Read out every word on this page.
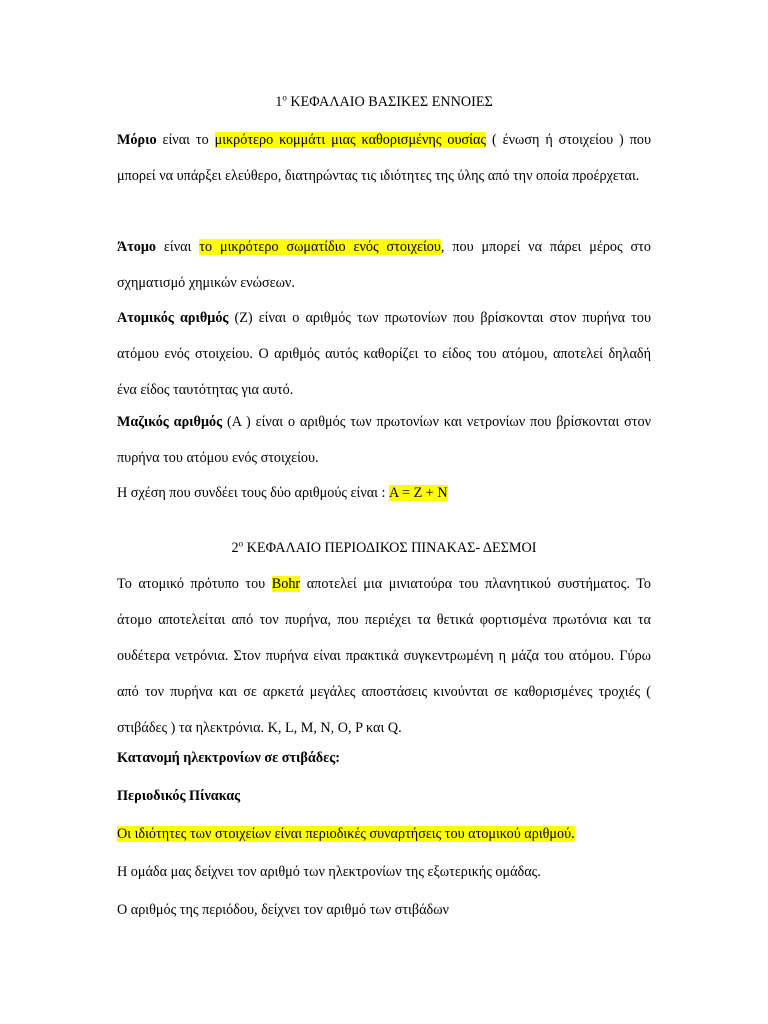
$1^o$ ΚΕΦΑΛΑΙΟ ΒΑΣΙΚΕΣ ΕΝΝΟΙΕΣ

Μόριο είναι το μικρότερο κομμάτι μιας καθορισμένης ουσίας ( ένωση ή στοιχείου ) που μπορεί να υπάρξει ελεύθερο, διατηρώντας τις ιδιότητες της ύλης από την οποία προέρχεται.

Άτομο είναι το μικρότερο σωματίδιο ενός στοιχείου, που μπορεί να πάρει μέρος στο σχηματισμό χημικών ενώσεων.

Ατομικός αριθμός (Ζ) είναι ο αριθμός των πρωτονίων που βρίσκονται στον πυρήνα του ατόμου ενός στοιχείου. Ο αριθμός αυτός καθορίζει το είδος του ατόμου, αποτελεί δηλαδή ένα είδος ταυτότητας για αυτό.

Μαζικός αριθμός (Α ) είναι ο αριθμός των πρωτονίων και νετρονίων που βρίσκονται στον πυρήνα του ατόμου ενός στοιχείου.

Η σχέση που συνδέει τους δύο αριθμούς είναι : A = Z + N

$2^o$ ΚΕΦΑΛΑΙΟ ΠΕΡΙΟΔΙΚΟΣ ΠΙΝΑΚΑΣ- ΔΕΣΜΟΙ

Το ατομικό πρότυπο του Bohr αποτελεί μια μινιατούρα του πλανητικού συστήματος. Το άτομο αποτελείται από τον πυρήνα, που περιέχει τα θετικά φορτισμένα πρωτόνια και τα ουδέτερα νετρόνια. Στον πυρήνα είναι πρακτικά συγκεντρωμένη η μάζα του ατόμου. Γύρω από τον πυρήνα και σε αρκετά μεγάλες αποστάσεις κινούνται σε καθορισμένες τροχιές ( στιβάδες ) τα ηλεκτρόνια. K, L, M, N, O, P και Q.

Κατανομή ηλεκτρονίων σε στιβάδες:

Περιοδικός Πίνακας

Οι ιδιότητες των στοιχείων είναι περιοδικές συναρτήσεις του ατομικού αριθμού.

Η ομάδα μας δείχνει τον αριθμό των ηλεκτρονίων της εξωτερικής ομάδας.

Ο αριθμός της περιόδου, δείχνει τον αριθμό των στιβάδων
